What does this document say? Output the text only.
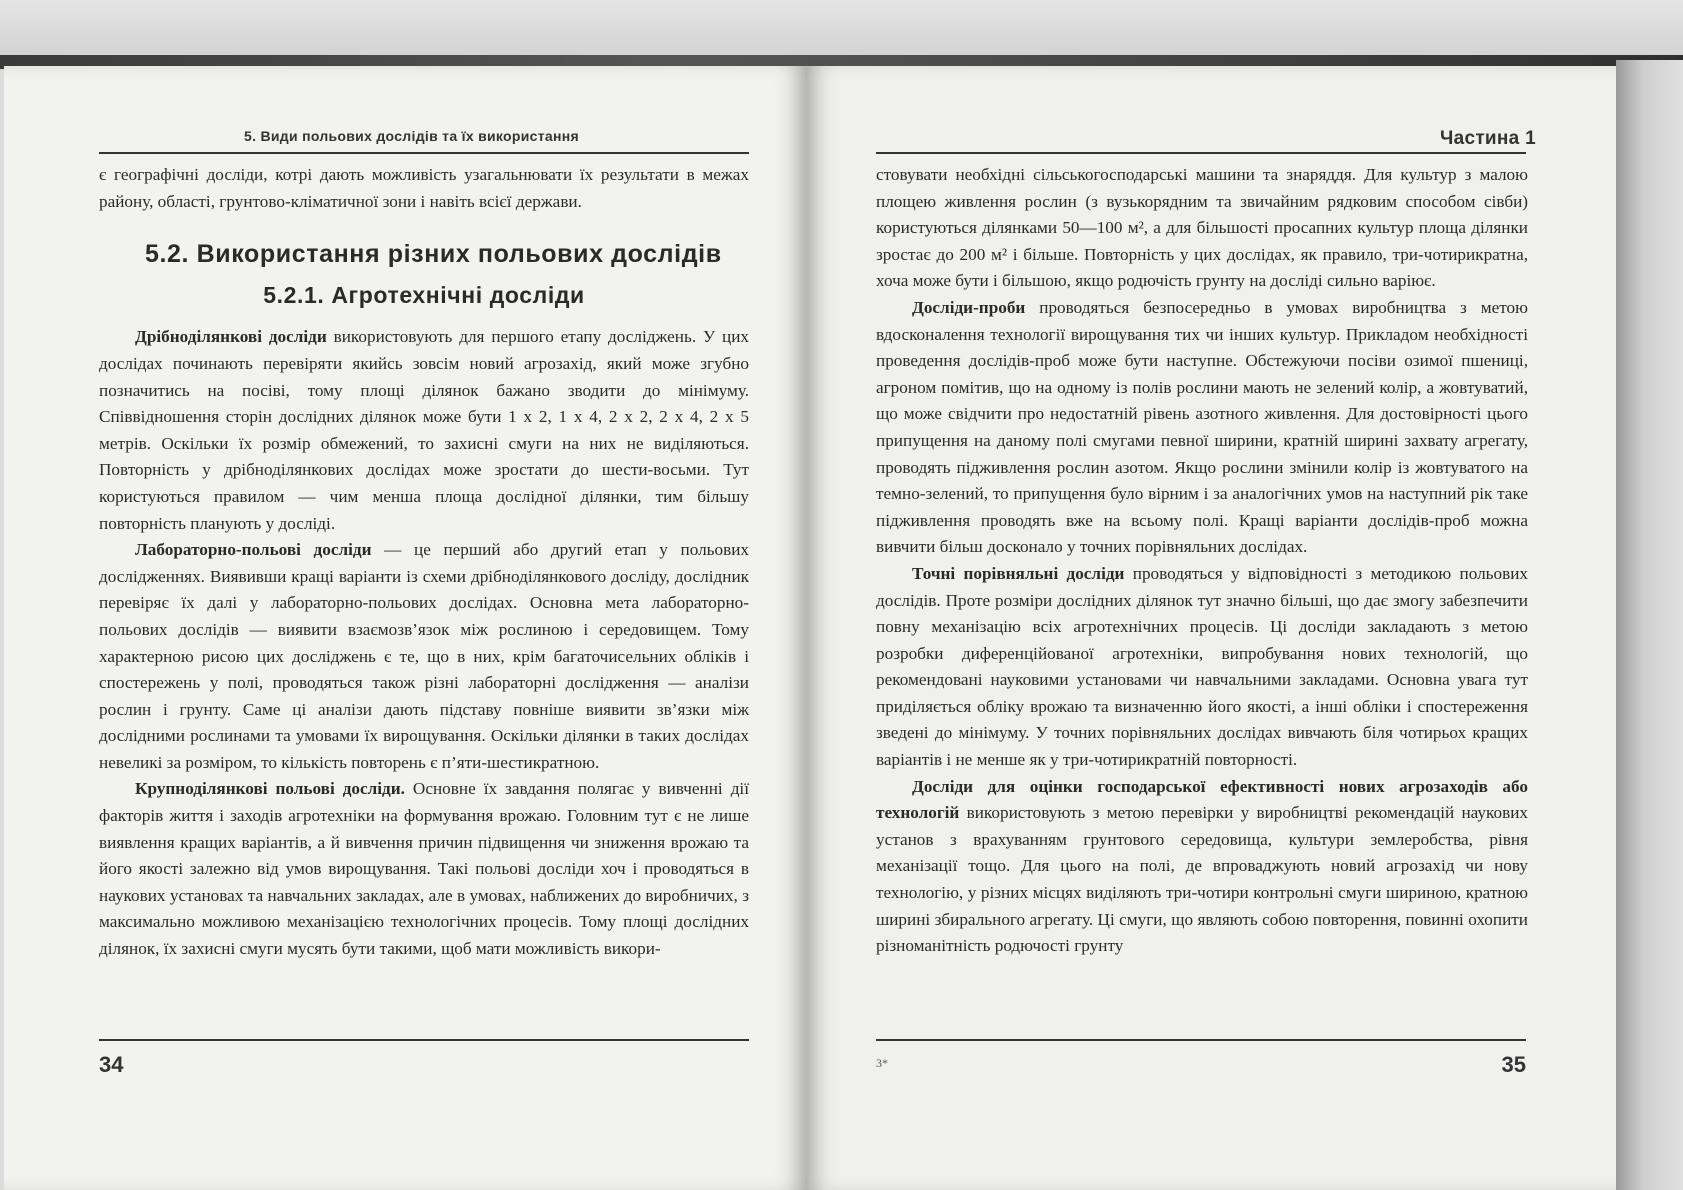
5. Види польових дослідів та їх використання

є географічні досліди, котрі дають можливість узагальнювати їх результати в межах району, області, грунтово-кліматичної зони і навіть всієї держави.

5.2. Використання різних польових дослідів
5.2.1. Агротехнічні досліди

Дрібноділянкові досліди використовують для першого етапу досліджень. У цих дослідах починають перевіряти якийсь зовсім новий агрозахід, який може згубно позначитись на посіві, тому площі ділянок бажано зводити до мінімуму. Співвідношення сторін дослідних ділянок може бути 1 х 2, 1 х 4, 2 х 2, 2 х 4, 2 х 5 метрів. Оскільки їх розмір обмежений, то захисні смуги на них не виділяються. Повторність у дрібноділянкових дослідах може зростати до шести-восьми. Тут користуються правилом — чим менша площа дослідної ділянки, тим більшу повторність планують у досліді.

Лабораторно-польові досліди — це перший або другий етап у польових дослідженнях. Виявивши кращі варіанти із схеми дрібноділянкового досліду, дослідник перевіряє їх далі у лабораторно-польових дослідах. Основна мета лабораторно-польових дослідів — виявити взаємозв’язок між рослиною і середовищем. Тому характерною рисою цих досліджень є те, що в них, крім багаточисельних обліків і спостережень у полі, проводяться також різні лабораторні дослідження — аналізи рослин і грунту. Саме ці аналізи дають підставу повніше виявити зв’язки між дослідними рослинами та умовами їх вирощування. Оскільки ділянки в таких дослідах невеликі за розміром, то кількість повторень є п’яти-шестикратною.

Крупноділянкові польові досліди. Основне їх завдання полягає у вивченні дії факторів життя і заходів агротехніки на формування врожаю. Головним тут є не лише виявлення кращих варіантів, а й вивчення причин підвищення чи зниження врожаю та його якості залежно від умов вирощування. Такі польові досліди хоч і проводяться в наукових установах та навчальних закладах, але в умовах, наближених до виробничих, з максимально можливою механізацією технологічних процесів. Тому площі дослідних ділянок, їх захисні смуги мусять бути такими, щоб мати можливість викори-

34
Частина 1

стовувати необхідні сільськогосподарські машини та знаряддя. Для культур з малою площею живлення рослин (з вузькорядним та звичайним рядковим способом сівби) користуються ділянками 50—100 м², а для більшості просапних культур площа ділянки зростає до 200 м² і більше. Повторність у цих дослідах, як правило, три-чотирикратна, хоча може бути і більшою, якщо родючість грунту на досліді сильно варіює.

Досліди-проби проводяться безпосередньо в умовах виробництва з метою вдосконалення технології вирощування тих чи інших культур. Прикладом необхідності проведення дослідів-проб може бути наступне. Обстежуючи посіви озимої пшениці, агроном помітив, що на одному із полів рослини мають не зелений колір, а жовтуватий, що може свідчити про недостатній рівень азотного живлення. Для достовірності цього припущення на даному полі смугами певної ширини, кратній ширині захвату агрегату, проводять підживлення рослин азотом. Якщо рослини змінили колір із жовтуватого на темно-зелений, то припущення було вірним і за аналогічних умов на наступний рік таке підживлення проводять вже на всьому полі. Кращі варіанти дослідів-проб можна вивчити більш досконало у точних порівняльних дослідах.

Точні порівняльні досліди проводяться у відповідності з методикою польових дослідів. Проте розміри дослідних ділянок тут значно більші, що дає змогу забезпечити повну механізацію всіх агротехнічних процесів. Ці досліди закладають з метою розробки диференційованої агротехніки, випробування нових технологій, що рекомендовані науковими установами чи навчальними закладами. Основна увага тут приділяється обліку врожаю та визначенню його якості, а інші обліки і спостереження зведені до мінімуму. У точних порівняльних дослідах вивчають біля чотирьох кращих варіантів і не менше як у три-чотирикратній повторності.

Досліди для оцінки господарської ефективності нових агрозаходів або технологій використовують з метою перевірки у виробництві рекомендацій наукових установ з врахуванням грунтового середовища, культури землеробства, рівня механізації тощо. Для цього на полі, де впроваджують новий агрозахід чи нову технологію, у різних місцях виділяють три-чотири контрольні смуги шириною, кратною ширині збирального агрегату. Ці смуги, що являють собою повторення, повинні охопити різноманітність родючості грунту

3*	35
